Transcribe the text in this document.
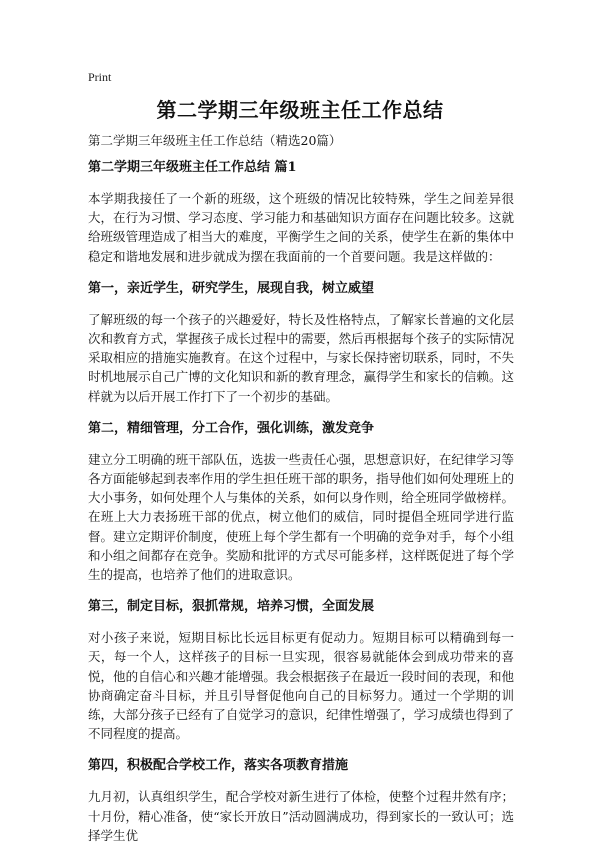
Print
第二学期三年级班主任工作总结

第二学期三年级班主任工作总结（精选20篇）

第二学期三年级班主任工作总结 篇1

本学期我接任了一个新的班级，这个班级的情况比较特殊，学生之间差异很大，在行为习惯、学习态度、学习能力和基础知识方面存在问题比较多。这就给班级管理造成了相当大的难度，平衡学生之间的关系，使学生在新的集体中稳定和谐地发展和进步就成为摆在我面前的一个首要问题。我是这样做的：

第一，亲近学生，研究学生，展现自我，树立威望

了解班级的每一个孩子的兴趣爱好，特长及性格特点，了解家长普遍的文化层次和教育方式，掌握孩子成长过程中的需要，然后再根据每个孩子的实际情况采取相应的措施实施教育。在这个过程中，与家长保持密切联系，同时，不失时机地展示自己广博的文化知识和新的教育理念，赢得学生和家长的信赖。这样就为以后开展工作打下了一个初步的基础。

第二，精细管理，分工合作，强化训练，激发竞争

建立分工明确的班干部队伍，选拔一些责任心强，思想意识好，在纪律学习等各方面能够起到表率作用的学生担任班干部的职务，指导他们如何处理班上的大小事务，如何处理个人与集体的关系，如何以身作则，给全班同学做榜样。在班上大力表扬班干部的优点，树立他们的威信，同时提倡全班同学进行监督。建立定期评价制度，使班上每个学生都有一个明确的竞争对手，每个小组和小组之间都存在竞争。奖励和批评的方式尽可能多样，这样既促进了每个学生的提高，也培养了他们的进取意识。

第三，制定目标，狠抓常规，培养习惯，全面发展

对小孩子来说，短期目标比长远目标更有促动力。短期目标可以精确到每一天，每一个人，这样孩子的目标一旦实现，很容易就能体会到成功带来的喜悦，他的自信心和兴趣才能增强。我会根据孩子在最近一段时间的表现，和他协商确定奋斗目标，并且引导督促他向自己的目标努力。通过一个学期的训练，大部分孩子已经有了自觉学习的意识，纪律性增强了，学习成绩也得到了不同程度的提高。

第四，积极配合学校工作，落实各项教育措施

九月初，认真组织学生，配合学校对新生进行了体检，使整个过程井然有序；十月份，精心准备，使“家长开放日”活动圆满成功，得到家长的一致认可；选择学生优
